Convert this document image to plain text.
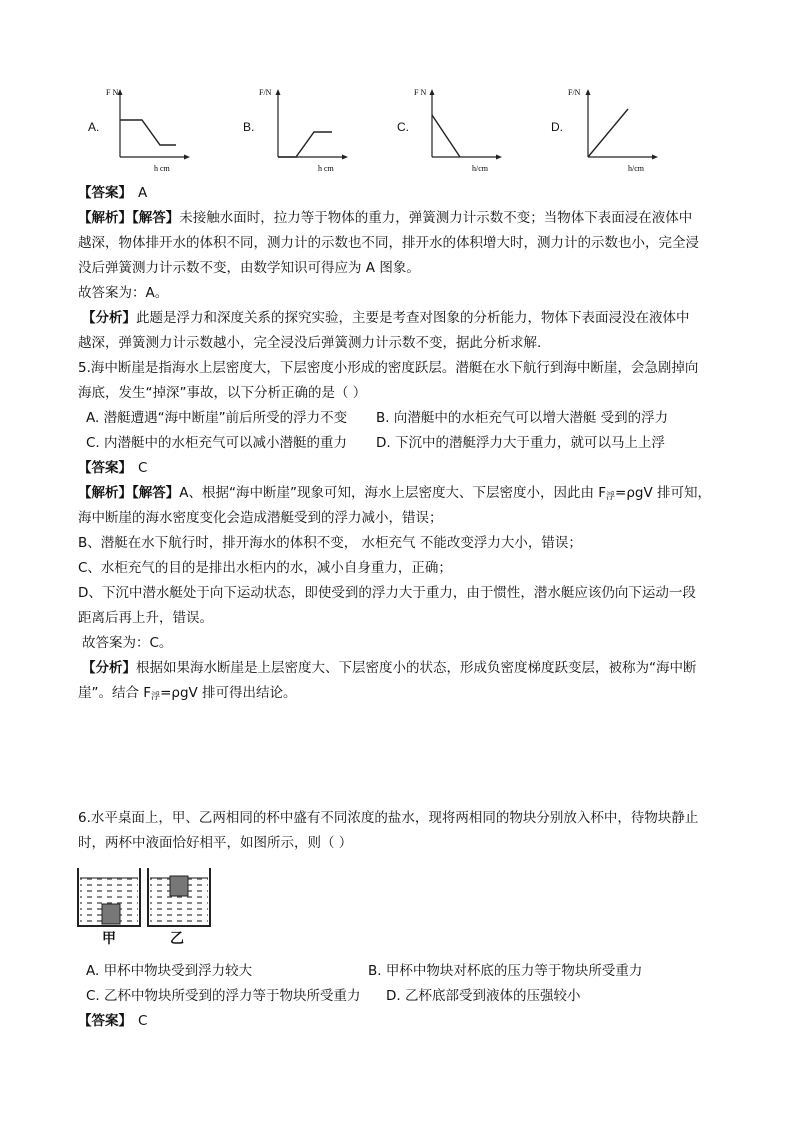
A.
F N
h cm
B.
F/N
h cm
C.
F N
h/cm
D.
F/N
h/cm
【答案】 A
【解析】【解答】未接触水面时，拉力等于物体的重力，弹簧测力计示数不变；当物体下表面浸在液体中
越深，物体排开水的体积不同，测力计的示数也不同，排开水的体积增大时，测力计的示数也小，完全浸
没后弹簧测力计示数不变，由数学知识可得应为 A 图象。
故答案为：A。
【分析】此题是浮力和深度关系的探究实验，主要是考查对图象的分析能力，物体下表面浸没在液体中
越深，弹簧测力计示数越小，完全浸没后弹簧测力计示数不变，据此分析求解.
5.海中断崖是指海水上层密度大，下层密度小形成的密度跃层。潜艇在水下航行到海中断崖，会急剧掉向
海底，发生“掉深”事故，以下分析正确的是（ ）
A. 潜艇遭遇“海中断崖”前后所受的浮力不变 B. 向潜艇中的水柜充气可以增大潜艇 受到的浮力
C. 内潜艇中的水柜充气可以减小潜艇的重力 D. 下沉中的潜艇浮力大于重力，就可以马上上浮
【答案】 C
【解析】【解答】A、根据“海中断崖”现象可知，海水上层密度大、下层密度小，因此由 $F_浮=\rho gV$ 排可知，
海中断崖的海水密度变化会造成潜艇受到的浮力减小，错误；
B、潜艇在水下航行时，排开海水的体积不变， 水柜充气 不能改变浮力大小，错误；
C、水柜充气的目的是排出水柜内的水，减小自身重力，正确；
D、下沉中潜水艇处于向下运动状态，即使受到的浮力大于重力，由于惯性，潜水艇应该仍向下运动一段
距离后再上升，错误。
故答案为：C。
【分析】根据如果海水断崖是上层密度大、下层密度小的状态，形成负密度梯度跃变层，被称为“海中断
崖”。结合 $F_浮=\rho gV$ 排可得出结论。
6.水平桌面上，甲、乙两相同的杯中盛有不同浓度的盐水，现将两相同的物块分别放入杯中，待物块静止
时，两杯中液面恰好相平，如图所示，则（ ）
甲	乙
A. 甲杯中物块受到浮力较大	B. 甲杯中物块对杯底的压力等于物块所受重力
C. 乙杯中物块所受到的浮力等于物块所受重力 D. 乙杯底部受到液体的压强较小
【答案】 C
